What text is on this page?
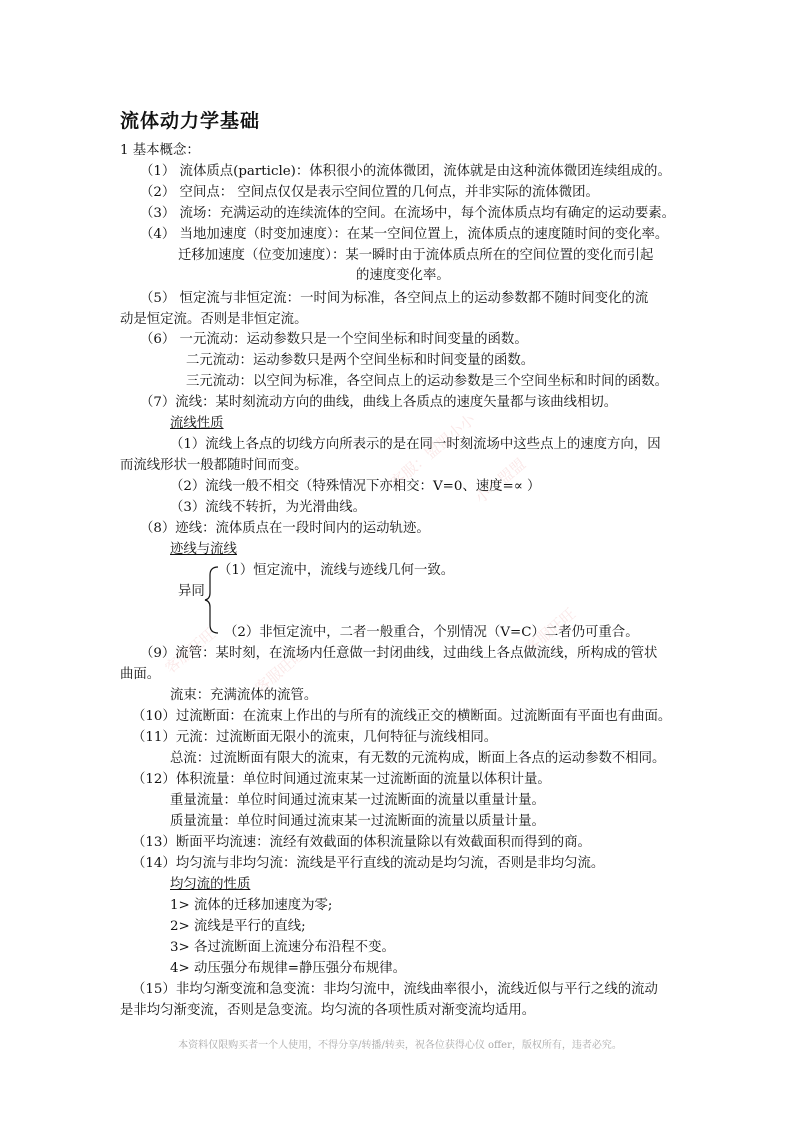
客服：盟盟小小
小小盟盟
客服旺旺 客服旺旺
客服旺旺
流体动力学基础
1 基本概念：
（1） 流体质点(particle)：体积很小的流体微团，流体就是由这种流体微团连续组成的。
（2） 空间点： 空间点仅仅是表示空间位置的几何点，并非实际的流体微团。
（3） 流场：充满运动的连续流体的空间。在流场中，每个流体质点均有确定的运动要素。
（4） 当地加速度（时变加速度）：在某一空间位置上，流体质点的速度随时间的变化率。
迁移加速度（位变加速度）：某一瞬时由于流体质点所在的空间位置的变化而引起
的速度变化率。
（5） 恒定流与非恒定流：一时间为标准，各空间点上的运动参数都不随时间变化的流
动是恒定流。否则是非恒定流。
（6） 一元流动：运动参数只是一个空间坐标和时间变量的函数。
二元流动：运动参数只是两个空间坐标和时间变量的函数。
三元流动：以空间为标准，各空间点上的运动参数是三个空间坐标和时间的函数。
（7）流线：某时刻流动方向的曲线，曲线上各质点的速度矢量都与该曲线相切。
流线性质
（1）流线上各点的切线方向所表示的是在同一时刻流场中这些点上的速度方向，因
而流线形状一般都随时间而变。
（2）流线一般不相交（特殊情况下亦相交：V=0、速度=∝ ）
（3）流线不转折，为光滑曲线。
（8）迹线：流体质点在一段时间内的运动轨迹。
迹线与流线
（1）恒定流中，流线与迹线几何一致。
异同
（2）非恒定流中，二者一般重合，个别情况（V=C）二者仍可重合。
（9）流管：某时刻，在流场内任意做一封闭曲线，过曲线上各点做流线，所构成的管状
曲面。
流束：充满流体的流管。
（10）过流断面：在流束上作出的与所有的流线正交的横断面。过流断面有平面也有曲面。
（11）元流：过流断面无限小的流束，几何特征与流线相同。
总流：过流断面有限大的流束，有无数的元流构成，断面上各点的运动参数不相同。
（12）体积流量：单位时间通过流束某一过流断面的流量以体积计量。
重量流量：单位时间通过流束某一过流断面的流量以重量计量。
质量流量：单位时间通过流束某一过流断面的流量以质量计量。
（13）断面平均流速：流经有效截面的体积流量除以有效截面积而得到的商。
（14）均匀流与非均匀流：流线是平行直线的流动是均匀流，否则是非均匀流。
均匀流的性质
1> 流体的迁移加速度为零;
2> 流线是平行的直线;
3> 各过流断面上流速分布沿程不变。
4> 动压强分布规律=静压强分布规律。
（15）非均匀渐变流和急变流：非均匀流中，流线曲率很小，流线近似与平行之线的流动
是非均匀渐变流，否则是急变流。均匀流的各项性质对渐变流均适用。
本资料仅限购买者一个人使用，不得分享/转播/转卖，祝各位获得心仪 offer，版权所有，违者必究。
